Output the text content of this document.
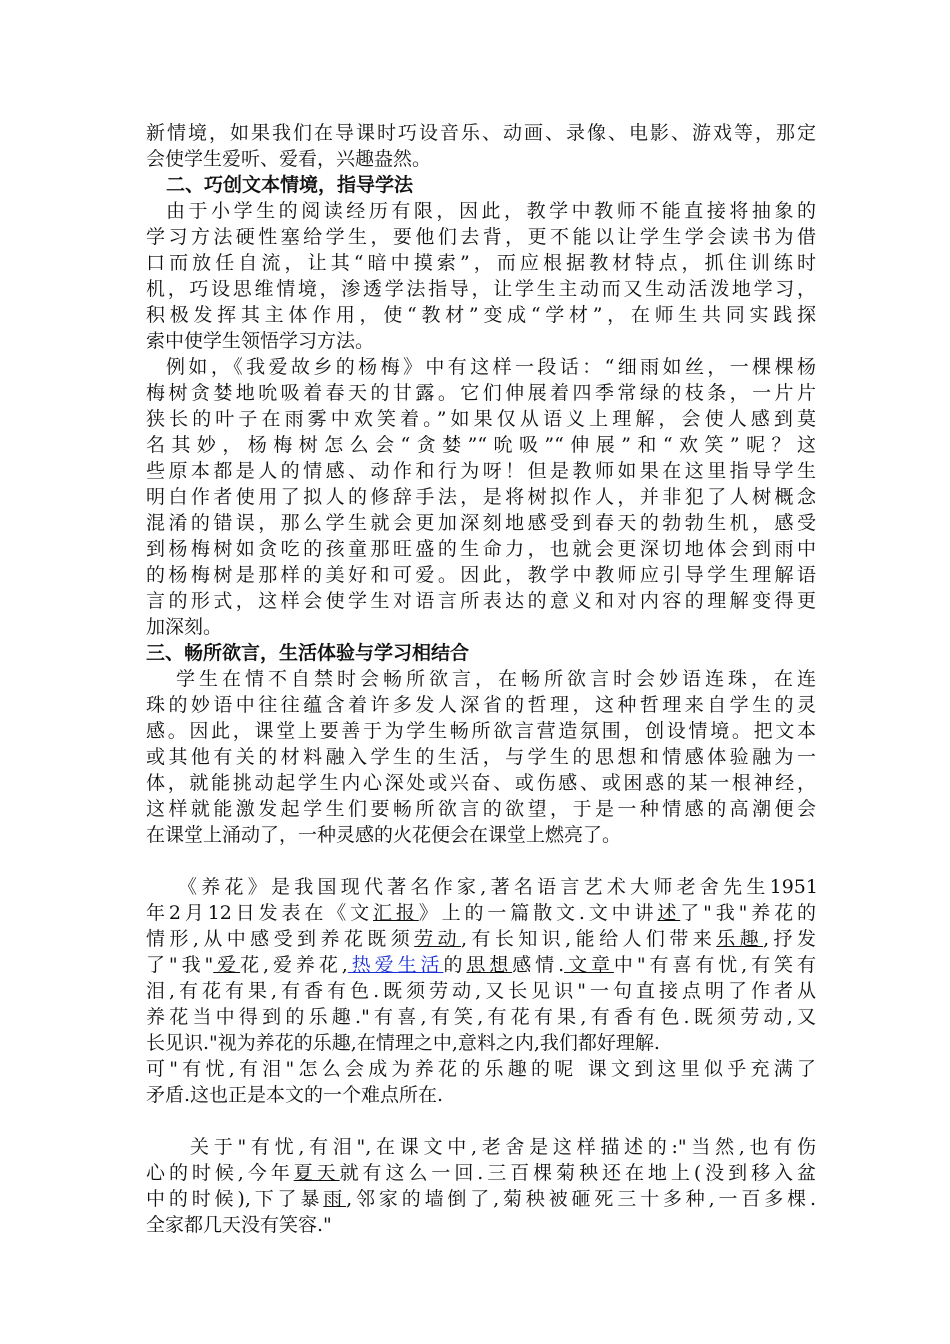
新情境，如果我们在导课时巧设音乐、动画、录像、电影、游戏等，那定
会使学生爱听、爱看，兴趣盎然。
二、巧创文本情境，指导学法
由于小学生的阅读经历有限，因此，教学中教师不能直接将抽象的
学习方法硬性塞给学生，要他们去背，更不能以让学生学会读书为借
口而放任自流，让其“暗中摸索”，而应根据教材特点，抓住训练时
机，巧设思维情境，渗透学法指导，让学生主动而又生动活泼地学习，
积极发挥其主体作用，使“教材”变成“学材”，在师生共同实践探
索中使学生领悟学习方法。
例如，《我爱故乡的杨梅》中有这样一段话：“细雨如丝，一棵棵杨
梅树贪婪地吮吸着春天的甘露。它们伸展着四季常绿的枝条，一片片
狭长的叶子在雨雾中欢笑着。”如果仅从语义上理解，会使人感到莫
名其妙，杨梅树怎么会“贪婪”“吮吸”“伸展”和“欢笑”呢？这
些原本都是人的情感、动作和行为呀！但是教师如果在这里指导学生
明白作者使用了拟人的修辞手法，是将树拟作人，并非犯了人树概念
混淆的错误，那么学生就会更加深刻地感受到春天的勃勃生机，感受
到杨梅树如贪吃的孩童那旺盛的生命力，也就会更深切地体会到雨中
的杨梅树是那样的美好和可爱。因此，教学中教师应引导学生理解语
言的形式，这样会使学生对语言所表达的意义和对内容的理解变得更
加深刻。
三、畅所欲言，生活体验与学习相结合
学生在情不自禁时会畅所欲言，在畅所欲言时会妙语连珠，在连
珠的妙语中往往蕴含着许多发人深省的哲理，这种哲理来自学生的灵
感。因此，课堂上要善于为学生畅所欲言营造氛围，创设情境。把文本
或其他有关的材料融入学生的生活，与学生的思想和情感体验融为一
体，就能挑动起学生内心深处或兴奋、或伤感、或困惑的某一根神经，
这样就能激发起学生们要畅所欲言的欲望，于是一种情感的高潮便会
在课堂上涌动了，一种灵感的火花便会在课堂上燃亮了。
《养花》是我国现代著名作家,著名语言艺术大师老舍先生1951
年2月12日发表在《文汇报》上的一篇散文.文中讲述了"我"养花的
情形,从中感受到养花既须劳动,有长知识,能给人们带来乐趣,抒发
了"我"爱花,爱养花,热爱生活的思想感情.文章中"有喜有忧,有笑有
泪,有花有果,有香有色.既须劳动,又长见识"一句直接点明了作者从
养花当中得到的乐趣."有喜,有笑,有花有果,有香有色.既须劳动,又
长见识."视为养花的乐趣,在情理之中,意料之内,我们都好理解.
可"有忧,有泪"怎么会成为养花的乐趣的呢 课文到这里似乎充满了
矛盾.这也正是本文的一个难点所在.
关于"有忧,有泪",在课文中,老舍是这样描述的:"当然,也有伤
心的时候,今年夏天就有这么一回.三百棵菊秧还在地上(没到移入盆
中的时候),下了暴雨,邻家的墙倒了,菊秧被砸死三十多种,一百多棵.
全家都几天没有笑容."
